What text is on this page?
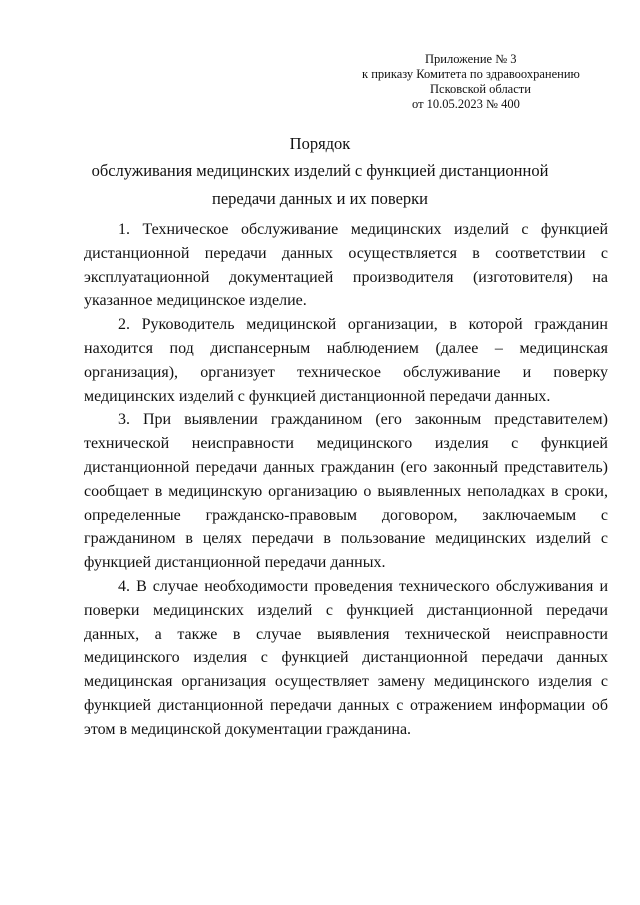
Приложение № 3
к приказу Комитета по здравоохранению
Псковской области
от 10.05.2023 № 400
Порядок
обслуживания медицинских изделий с функцией дистанционной
передачи данных и их поверки

1. Техническое обслуживание медицинских изделий с функцией дистанционной передачи данных осуществляется в соответствии с эксплуатационной документацией производителя (изготовителя) на указанное медицинское изделие.

2. Руководитель медицинской организации, в которой гражданин находится под диспансерным наблюдением (далее – медицинская организация), организует техническое обслуживание и поверку медицинских изделий с функцией дистанционной передачи данных.

3. При выявлении гражданином (его законным представителем) технической неисправности медицинского изделия с функцией дистанционной передачи данных гражданин (его законный представитель) сообщает в медицинскую организацию о выявленных неполадках в сроки, определенные гражданско-правовым договором, заключаемым с гражданином в целях передачи в пользование медицинских изделий с функцией дистанционной передачи данных.

4. В случае необходимости проведения технического обслуживания и поверки медицинских изделий с функцией дистанционной передачи данных, а также в случае выявления технической неисправности медицинского изделия с функцией дистанционной передачи данных медицинская организация осуществляет замену медицинского изделия с функцией дистанционной передачи данных с отражением информации об этом в медицинской документации гражданина.
